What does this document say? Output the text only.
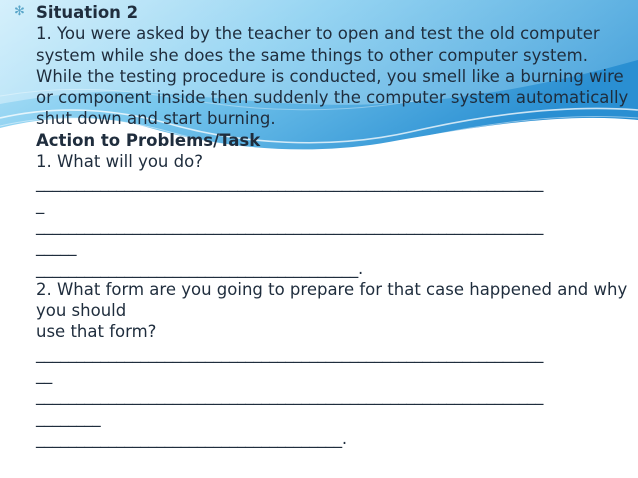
✻ Situation 2
1. You were asked by the teacher to open and test the old computer
system while she does the same things to other computer system.
While the testing procedure is conducted, you smell like a burning wire
or component inside then suddenly the computer system automatically
shut down and start burning.
Action to Problems/Task
1. What will you do?
_______________________________________________________________
_
_______________________________________________________________
_____
________________________________________.
2. What form are you going to prepare for that case happened and why
you should
use that form?
_______________________________________________________________
__
_______________________________________________________________
________
______________________________________.
